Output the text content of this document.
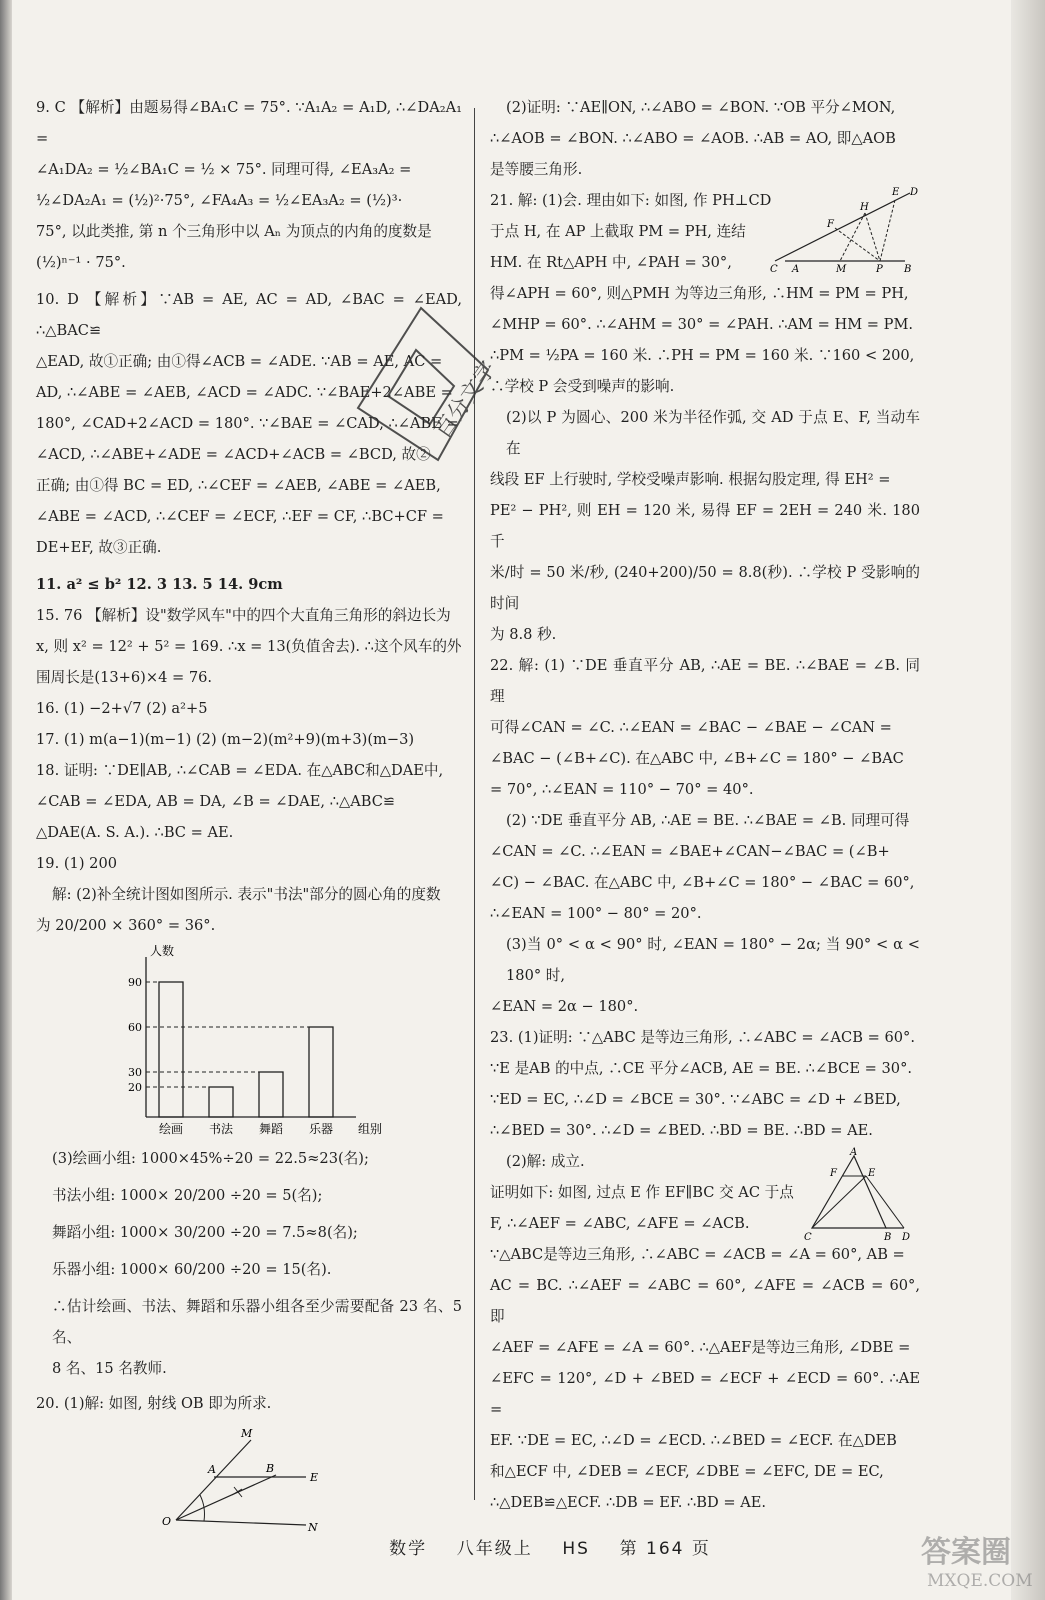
9. C 【解析】由题易得∠BA₁C = 75°. ∵A₁A₂ = A₁D, ∴∠DA₂A₁ =

∠A₁DA₂ = ½∠BA₁C = ½ × 75°. 同理可得, ∠EA₃A₂ =

½∠DA₂A₁ = (½)²·75°, ∠FA₄A₃ = ½∠EA₃A₂ = (½)³·

75°, 以此类推, 第 n 个三角形中以 Aₙ 为顶点的内角的度数是

(½)ⁿ⁻¹ · 75°.

10. D 【解析】∵AB = AE, AC = AD, ∠BAC = ∠EAD, ∴△BAC≌

△EAD, 故①正确; 由①得∠ACB = ∠ADE. ∵AB = AE, AC =

AD, ∴∠ABE = ∠AEB, ∠ACD = ∠ADC. ∵∠BAE+2∠ABE =

180°, ∠CAD+2∠ACD = 180°. ∵∠BAE = ∠CAD, ∴∠ABE =

∠ACD, ∴∠ABE+∠ADE = ∠ACD+∠ACB = ∠BCD, 故②

正确; 由①得 BC = ED, ∴∠CEF = ∠AEB, ∠ABE = ∠AEB,

∠ABE = ∠ACD, ∴∠CEF = ∠ECF, ∴EF = CF, ∴BC+CF =

DE+EF, 故③正确.

11. a² ≤ b² 12. 3 13. 5 14. 9cm

15. 76 【解析】设"数学风车"中的四个大直角三角形的斜边长为

x, 则 x² = 12² + 5² = 169. ∴x = 13(负值舍去). ∴这个风车的外

围周长是(13+6)×4 = 76.

16. (1) −2+√7 (2) a²+5

17. (1) m(a−1)(m−1) (2) (m−2)(m²+9)(m+3)(m−3)

18. 证明: ∵DE∥AB, ∴∠CAB = ∠EDA. 在△ABC和△DAE中,

∠CAB = ∠EDA, AB = DA, ∠B = ∠DAE, ∴△ABC≌

△DAE(A. S. A.). ∴BC = AE.

19. (1) 200

解: (2)补全统计图如图所示. 表示"书法"部分的圆心角的度数

为 20/200 × 360° = 36°.

人数
组别
绘画 书法 舞蹈 乐器
20
30
60
90

(3)绘画小组: 1000×45%÷20 = 22.5≈23(名);

书法小组: 1000× 20/200 ÷20 = 5(名);

舞蹈小组: 1000× 30/200 ÷20 = 7.5≈8(名);

乐器小组: 1000× 60/200 ÷20 = 15(名).

∴估计绘画、书法、舞蹈和乐器小组各至少需要配备 23 名、5 名、

8 名、15 名教师.

20. (1)解: 如图, 射线 OB 即为所求.

M
A	B
E
O	N

(2)证明: ∵AE∥ON, ∴∠ABO = ∠BON. ∵OB 平分∠MON,

∴∠AOB = ∠BON. ∴∠ABO = ∠AOB. ∴AB = AO, 即△AOB

是等腰三角形.

E D
H
F
C A	M	P B

21. 解: (1)会. 理由如下: 如图, 作 PH⊥CD

于点 H, 在 AP 上截取 PM = PH, 连结

HM. 在 Rt△APH 中, ∠PAH = 30°,

得∠APH = 60°, 则△PMH 为等边三角形, ∴HM = PM = PH,

∠MHP = 60°. ∴∠AHM = 30° = ∠PAH. ∴AM = HM = PM.

∴PM = ½PA = 160 米. ∴PH = PM = 160 米. ∵160 < 200,

∴学校 P 会受到噪声的影响.

(2)以 P 为圆心、200 米为半径作弧, 交 AD 于点 E、F, 当动车在

线段 EF 上行驶时, 学校受噪声影响. 根据勾股定理, 得 EH² =

PE² − PH², 则 EH = 120 米, 易得 EF = 2EH = 240 米. 180 千

米/时 = 50 米/秒, (240+200)/50 = 8.8(秒). ∴学校 P 受影响的时间

为 8.8 秒.

22. 解: (1) ∵DE 垂直平分 AB, ∴AE = BE. ∴∠BAE = ∠B. 同理

可得∠CAN = ∠C. ∴∠EAN = ∠BAC − ∠BAE − ∠CAN =

∠BAC − (∠B+∠C). 在△ABC 中, ∠B+∠C = 180° − ∠BAC

= 70°, ∴∠EAN = 110° − 70° = 40°.

(2) ∵DE 垂直平分 AB, ∴AE = BE. ∴∠BAE = ∠B. 同理可得

∠CAN = ∠C. ∴∠EAN = ∠BAE+∠CAN−∠BAC = (∠B+

∠C) − ∠BAC. 在△ABC 中, ∠B+∠C = 180° − ∠BAC = 60°,

∴∠EAN = 100° − 80° = 20°.

(3)当 0° < α < 90° 时, ∠EAN = 180° − 2α; 当 90° < α < 180° 时,

∠EAN = 2α − 180°.

A
F	E
C	B D

23. (1)证明: ∵△ABC 是等边三角形, ∴∠ABC = ∠ACB = 60°.

∵E 是AB 的中点, ∴CE 平分∠ACB, AE = BE. ∴∠BCE = 30°.

∵ED = EC, ∴∠D = ∠BCE = 30°. ∵∠ABC = ∠D + ∠BED,

∴∠BED = 30°. ∴∠D = ∠BED. ∴BD = BE. ∴BD = AE.

(2)解: 成立.

证明如下: 如图, 过点 E 作 EF∥BC 交 AC 于点

F, ∴∠AEF = ∠ABC, ∠AFE = ∠ACB.

∵△ABC是等边三角形, ∴∠ABC = ∠ACB = ∠A = 60°, AB =

AC = BC. ∴∠AEF = ∠ABC = 60°, ∠AFE = ∠ACB = 60°, 即

∠AEF = ∠AFE = ∠A = 60°. ∴△AEF是等边三角形, ∠DBE =

∠EFC = 120°, ∠D + ∠BED = ∠ECF + ∠ECD = 60°. ∴AE =

EF. ∵DE = EC, ∴∠D = ∠ECD. ∴∠BED = ∠ECF. 在△DEB

和△ECF 中, ∠DEB = ∠ECF, ∠DBE = ∠EFC, DE = EC,

∴△DEB≌△ECF. ∴DB = EF. ∴BD = AE.

百分文字
数学 八年级上 HS 第 164 页	答案圈
MXQE.COM
